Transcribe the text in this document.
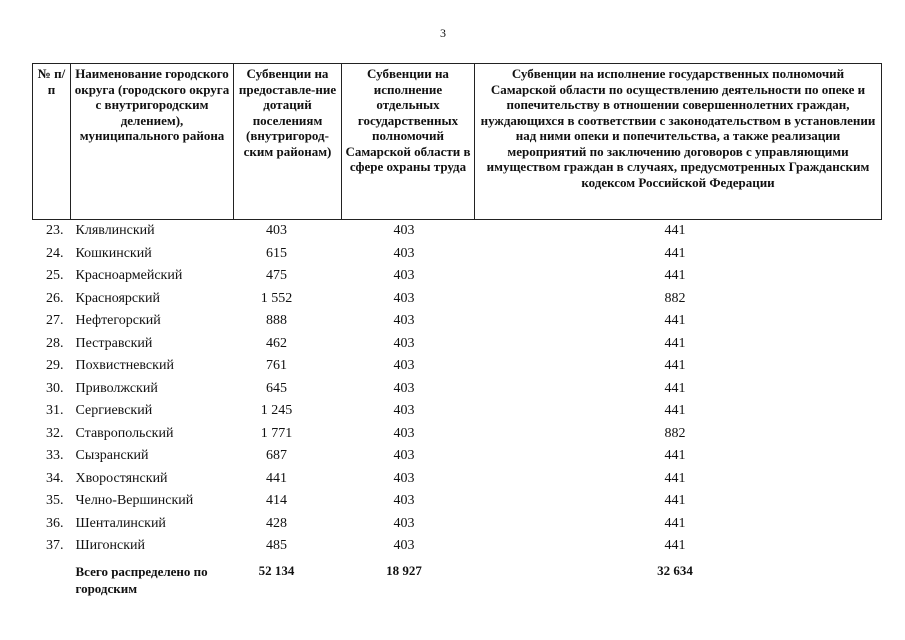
3
№ п/п	Наименование городского округа (городского округа с внутригородским делением), муниципального района	Субвенции на предоставле-ние дотаций поселениям (внутригород-ским районам)	Субвенции на исполнение отдельных государственных полномочий Самарской области в сфере охраны труда	Субвенции на исполнение государственных полномочий Самарской области по осуществлению деятельности по опеке и попечительству в отношении совершеннолетних граждан, нуждающихся в соответствии с законодательством в установлении над ними опеки и попечительства, а также реализации мероприятий по заключению договоров с управляющими имуществом граждан в случаях, предусмотренных Гражданским кодексом Российской Федерации
23.	Клявлинский	403	403	441
24.	Кошкинский	615	403	441
25.	Красноармейский	475	403	441
26.	Красноярский	1 552	403	882
27.	Нефтегорский	888	403	441
28.	Пестравский	462	403	441
29.	Похвистневский	761	403	441
30.	Приволжский	645	403	441
31.	Сергиевский	1 245	403	441
32.	Ставропольский	1 771	403	882
33.	Сызранский	687	403	441
34.	Хворостянский	441	403	441
35.	Челно-Вершинский	414	403	441
36.	Шенталинский	428	403	441
37.	Шигонский	485	403	441
	Всего распределено по городским	52 134	18 927	32 634
